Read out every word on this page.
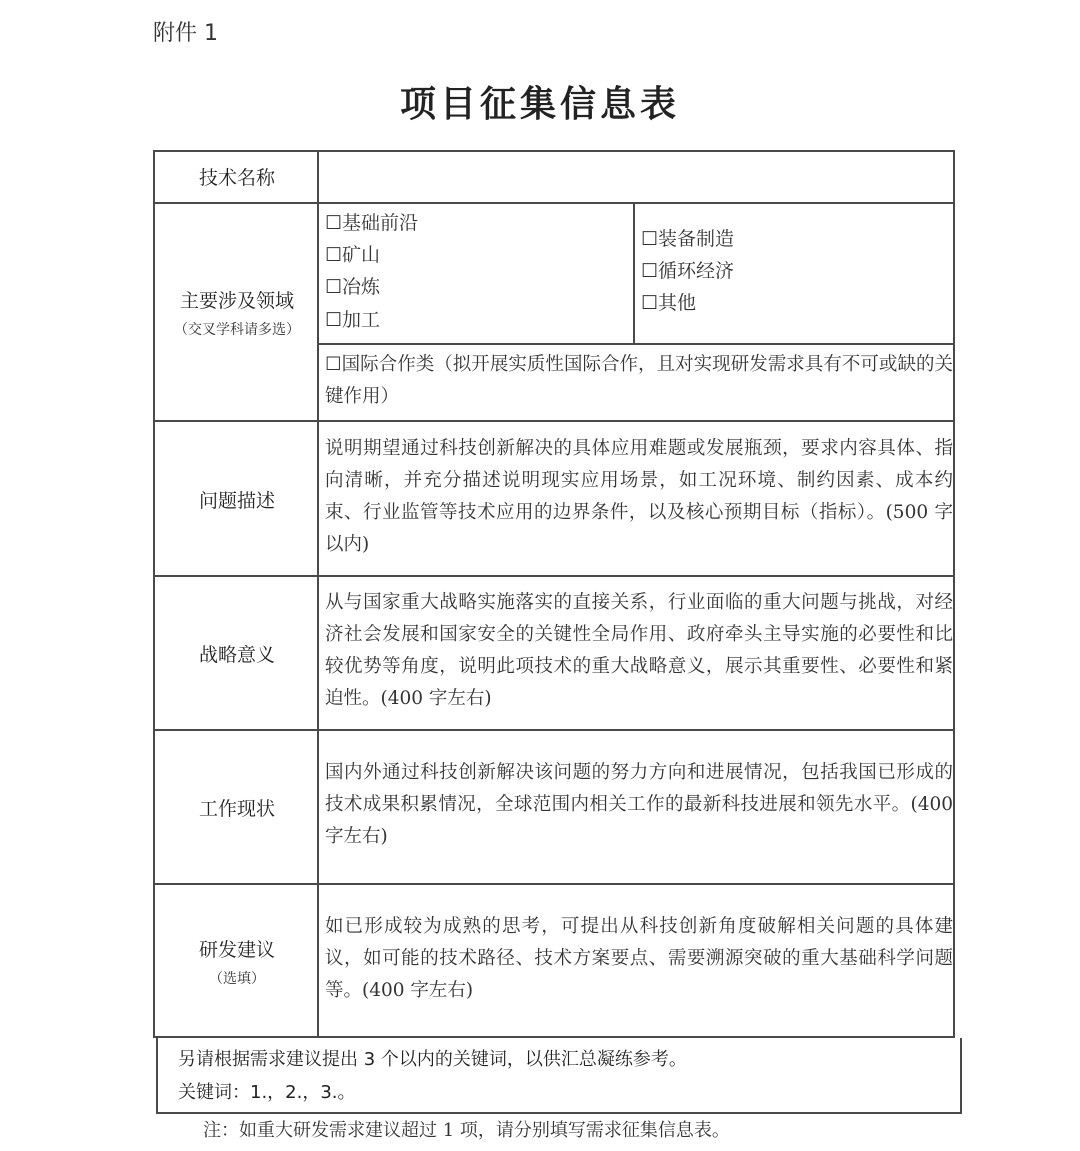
附件 1
项目征集信息表
技术名称
主要涉及领域
（交叉学科请多选）
☐基础前沿
☐矿山
☐冶炼
☐加工
☐装备制造
☐循环经济
☐其他
☐国际合作类（拟开展实质性国际合作，且对实现研发需求具有不可或缺的关键作用）
问题描述
说明期望通过科技创新解决的具体应用难题或发展瓶颈，要求内容具体、指向清晰，并充分描述说明现实应用场景，如工况环境、制约因素、成本约束、行业监管等技术应用的边界条件，以及核心预期目标（指标）。(500 字以内)
战略意义
从与国家重大战略实施落实的直接关系，行业面临的重大问题与挑战，对经济社会发展和国家安全的关键性全局作用、政府牵头主导实施的必要性和比较优势等角度，说明此项技术的重大战略意义，展示其重要性、必要性和紧迫性。(400 字左右)
工作现状
国内外通过科技创新解决该问题的努力方向和进展情况，包括我国已形成的技术成果积累情况，全球范围内相关工作的最新科技进展和领先水平。(400 字左右)
研发建议
（选填）
如已形成较为成熟的思考，可提出从科技创新角度破解相关问题的具体建议，如可能的技术路径、技术方案要点、需要溯源突破的重大基础科学问题等。(400 字左右)
另请根据需求建议提出 3 个以内的关键词，以供汇总凝练参考。
关键词：1.，2.，3.。
注：如重大研发需求建议超过 1 项，请分别填写需求征集信息表。
